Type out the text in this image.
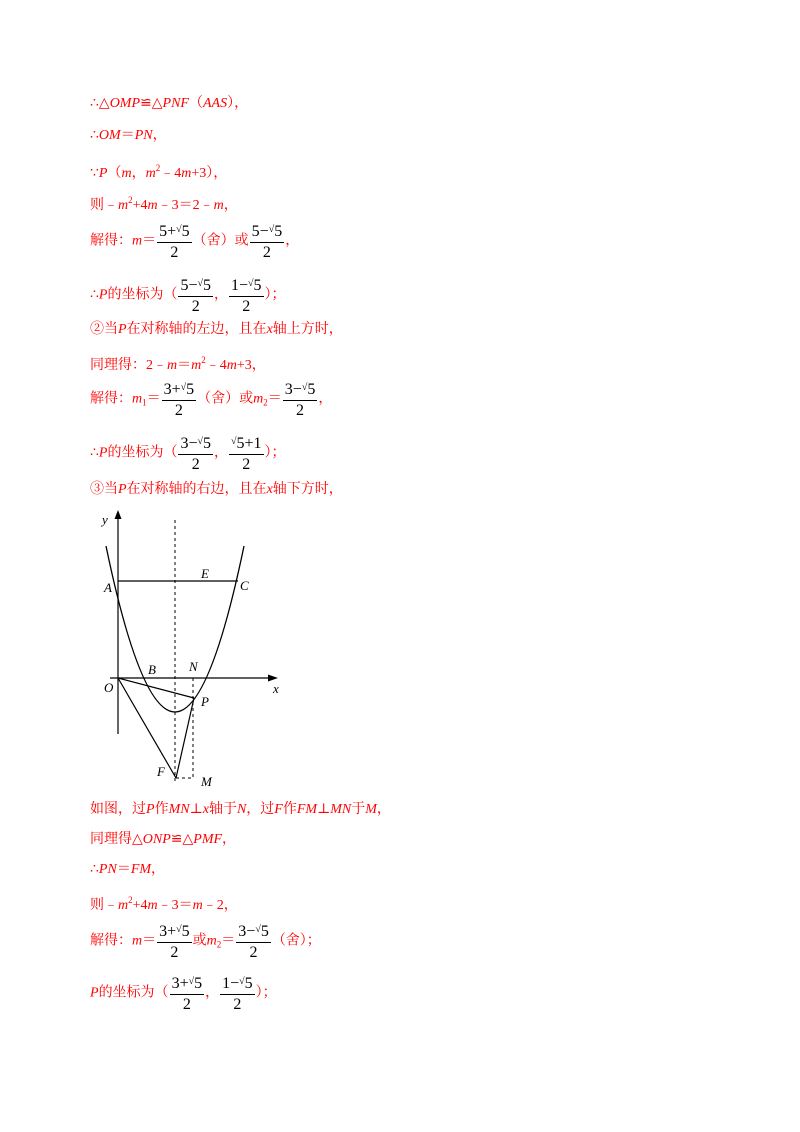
∴△OMP≌△PNF（AAS），
∴OM＝PN，
∵P（m，$m^2﹣4m+3$），
则$﹣m^2+4m﹣3=2﹣m$，
解得：$m= \frac{5+^√5}{2}$ （舍）或 $\frac{5-^√5}{2}$ ，
∴P的坐标为（ $\frac{5-^√5}{2}$ ， $\frac{1-^√5}{2}$ ）；
②当P在对称轴的左边，且在x轴上方时，
同理得：$2﹣m=m^2﹣4m+3$，
解得：$m_1= \frac{3+^√5}{2}$ （舍）或$m_2= \frac{3-^√5}{2}$ ，
∴P的坐标为（ $\frac{3-^√5}{2}$ ， $\frac{^√5+1}{2}$ ）；
③当P在对称轴的右边，且在x轴下方时，
y
x
A
E
C
B	N
O
P
F
M
如图，过P作MN⊥x轴于N，过F作FM⊥MN于M，
同理得△ONP≌△PMF，
∴PN＝FM，
则$﹣m^2+4m﹣3=m﹣2$，
解得：$m= \frac{3+^√5}{2}$ 或$m_2= \frac{3-^√5}{2}$ （舍）；
P的坐标为（ $\frac{3+^√5}{2}$ ， $\frac{1-^√5}{2}$ ）；
